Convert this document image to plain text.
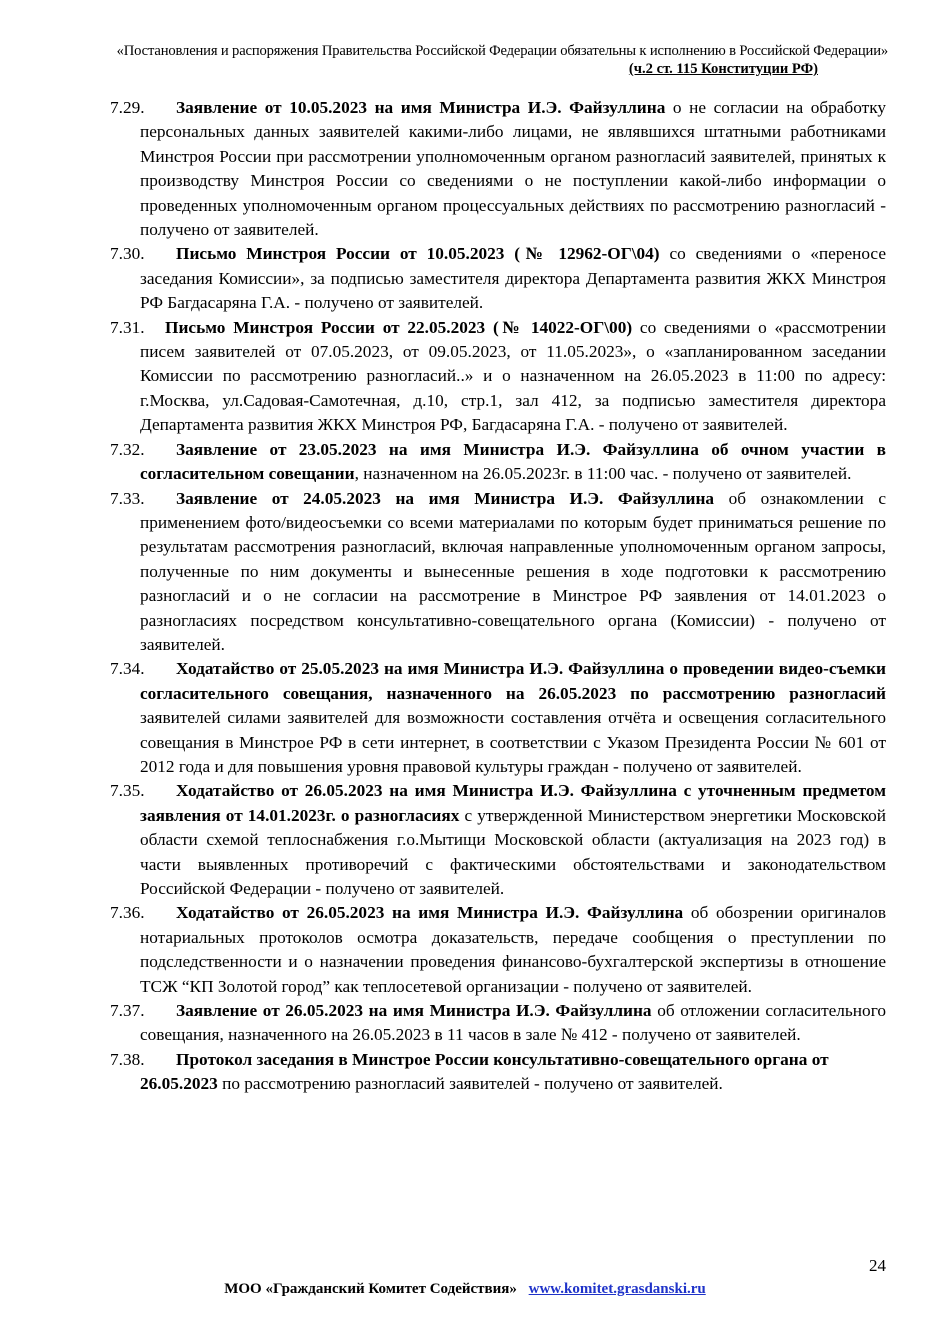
«Постановления и распоряжения Правительства Российской Федерации обязательны к исполнению в Российской Федерации»
(ч.2 ст. 115 Конституции РФ)
7.29. Заявление от 10.05.2023 на имя Министра И.Э. Файзуллина о не согласии на обработку персональных данных заявителей какими-либо лицами, не являвшихся штатными работниками Минстроя России при рассмотрении уполномоченным органом разногласий заявителей, принятых к производству Минстроя России со сведениями о не поступлении какой-либо информации о проведенных уполномоченным органом процессуальных действиях по рассмотрению разногласий - получено от заявителей.
7.30. Письмо Минстроя России от 10.05.2023 (№ 12962-ОГ\04) со сведениями о «переносе заседания Комиссии», за подписью заместителя директора Департамента развития ЖКХ Минстроя РФ Багдасаряна Г.А. - получено от заявителей.
7.31. Письмо Минстроя России от 22.05.2023 (№ 14022-ОГ\00) со сведениями о «рассмотрении писем заявителей от 07.05.2023, от 09.05.2023, от 11.05.2023», о «запланированном заседании Комиссии по рассмотрению разногласий..» и о назначенном на 26.05.2023 в 11:00 по адресу: г.Москва, ул.Садовая-Самотечная, д.10, стр.1, зал 412, за подписью заместителя директора Департамента развития ЖКХ Минстроя РФ, Багдасаряна Г.А. - получено от заявителей.
7.32. Заявление от 23.05.2023 на имя Министра И.Э. Файзуллина об очном участии в согласительном совещании, назначенном на 26.05.2023г. в 11:00 час. - получено от заявителей.
7.33. Заявление от 24.05.2023 на имя Министра И.Э. Файзуллина об ознакомлении с применением фото/видеосъемки со всеми материалами по которым будет приниматься решение по результатам рассмотрения разногласий, включая направленные уполномоченным органом запросы, полученные по ним документы и вынесенные решения в ходе подготовки к рассмотрению разногласий и о не согласии на рассмотрение в Минстрое РФ заявления от 14.01.2023 о разногласиях посредством консультативно-совещательного органа (Комиссии) - получено от заявителей.
7.34. Ходатайство от 25.05.2023 на имя Министра И.Э. Файзуллина о проведении видео-съемки согласительного совещания, назначенного на 26.05.2023 по рассмотрению разногласий заявителей силами заявителей для возможности составления отчёта и освещения согласительного совещания в Минстрое РФ в сети интернет, в соответствии с Указом Президента России № 601 от 2012 года и для повышения уровня правовой культуры граждан - получено от заявителей.
7.35. Ходатайство от 26.05.2023 на имя Министра И.Э. Файзуллина с уточненным предметом заявления от 14.01.2023г. о разногласиях с утвержденной Министерством энергетики Московской области схемой теплоснабжения г.о.Мытищи Московской области (актуализация на 2023 год) в части выявленных противоречий с фактическими обстоятельствами и законодательством Российской Федерации - получено от заявителей.
7.36. Ходатайство от 26.05.2023 на имя Министра И.Э. Файзуллина об обозрении оригиналов нотариальных протоколов осмотра доказательств, передаче сообщения о преступлении по подследственности и о назначении проведения финансово-бухгалтерской экспертизы в отношение ТСЖ “КП Золотой город” как теплосетевой организации - получено от заявителей.
7.37. Заявление от 26.05.2023 на имя Министра И.Э. Файзуллина об отложении согласительного совещания, назначенного на 26.05.2023 в 11 часов в зале № 412 - получено от заявителей.
7.38. Протокол заседания в Минстрое России консультативно-совещательного органа от 26.05.2023 по рассмотрению разногласий заявителей - получено от заявителей.
24
МОО «Гражданский Комитет Содействия» www.komitet.grasdanski.ru
